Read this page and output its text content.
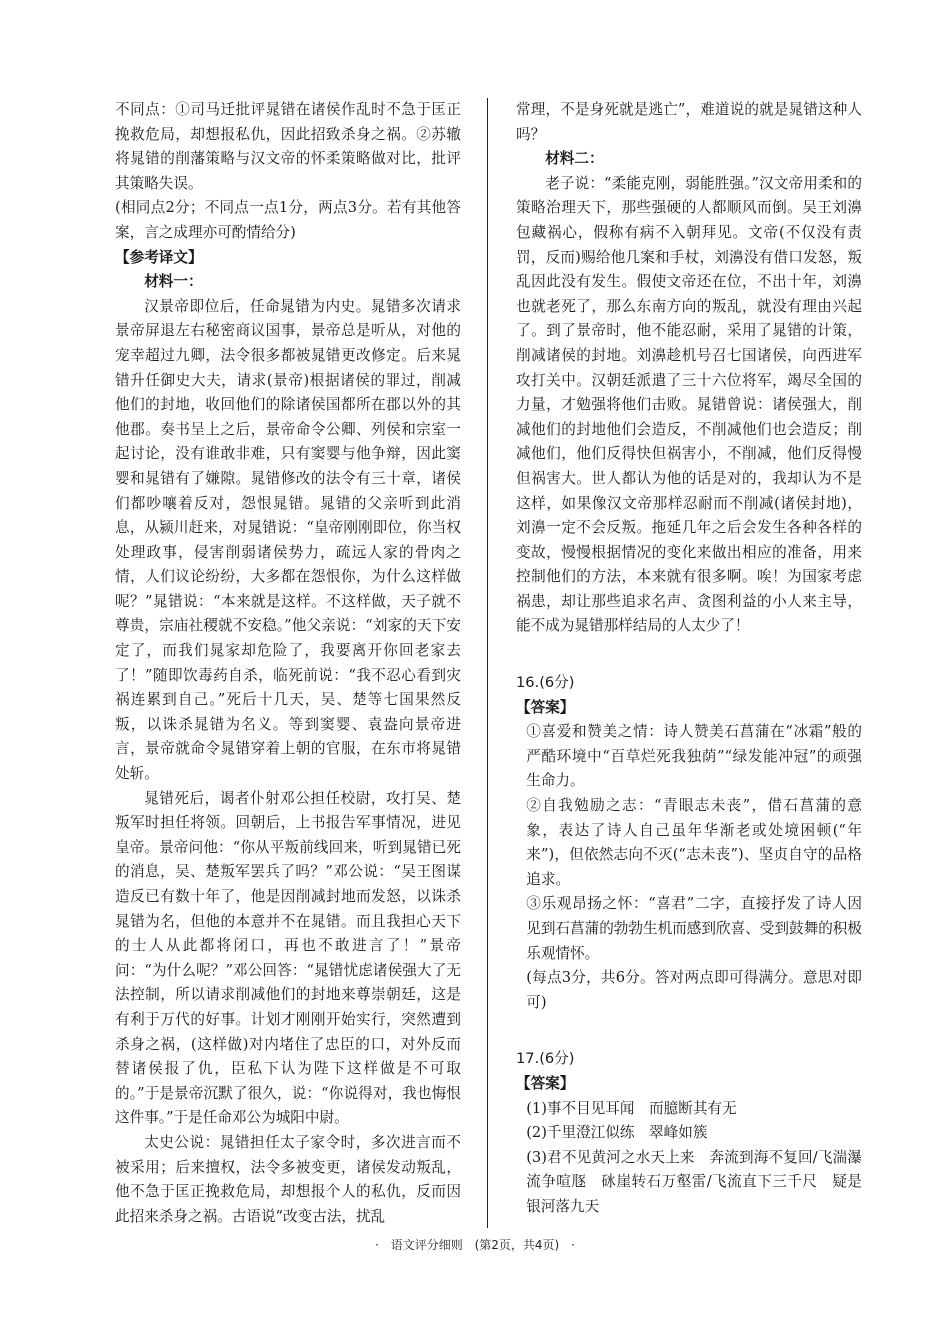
不同点：①司马迁批评晁错在诸侯作乱时不急于匡正挽救危局，却想报私仇，因此招致杀身之祸。②苏辙将晁错的削藩策略与汉文帝的怀柔策略做对比，批评其策略失误。

(相同点2分；不同点一点1分，两点3分。若有其他答案，言之成理亦可酌情给分)

【参考译文】

材料一：

汉景帝即位后，任命晁错为内史。晁错多次请求景帝屏退左右秘密商议国事，景帝总是听从，对他的宠幸超过九卿，法令很多都被晁错更改修定。后来晁错升任御史大夫，请求(景帝)根据诸侯的罪过，削减他们的封地，收回他们的除诸侯国都所在郡以外的其他郡。奏书呈上之后，景帝命令公卿、列侯和宗室一起讨论，没有谁敢非难，只有窦婴与他争辩，因此窦婴和晁错有了嫌隙。晁错修改的法令有三十章，诸侯们都吵嚷着反对，怨恨晁错。晁错的父亲听到此消息，从颍川赶来，对晁错说：“皇帝刚刚即位，你当权处理政事，侵害削弱诸侯势力，疏远人家的骨肉之情，人们议论纷纷，大多都在怨恨你，为什么这样做呢？”晁错说：“本来就是这样。不这样做，天子就不尊贵，宗庙社稷就不安稳。”他父亲说：“刘家的天下安定了，而我们晁家却危险了，我要离开你回老家去了！”随即饮毒药自杀，临死前说：“我不忍心看到灾祸连累到自己。”死后十几天，吴、楚等七国果然反叛，以诛杀晁错为名义。等到窦婴、袁盎向景帝进言，景帝就命令晁错穿着上朝的官服，在东市将晁错处斩。

晁错死后，谒者仆射邓公担任校尉，攻打吴、楚叛军时担任将领。回朝后，上书报告军事情况，进见皇帝。景帝问他：“你从平叛前线回来，听到晁错已死的消息，吴、楚叛军罢兵了吗？”邓公说：“吴王图谋造反已有数十年了，他是因削减封地而发怒，以诛杀晁错为名，但他的本意并不在晁错。而且我担心天下的士人从此都将闭口，再也不敢进言了！”景帝问：“为什么呢？”邓公回答：“晁错忧虑诸侯强大了无法控制，所以请求削减他们的封地来尊崇朝廷，这是有利于万代的好事。计划才刚刚开始实行，突然遭到杀身之祸，(这样做)对内堵住了忠臣的口，对外反而替诸侯报了仇，臣私下认为陛下这样做是不可取的。”于是景帝沉默了很久，说：“你说得对，我也悔恨这件事。”于是任命邓公为城阳中尉。

太史公说：晁错担任太子家令时，多次进言而不被采用；后来擅权，法令多被变更，诸侯发动叛乱，他不急于匡正挽救危局，却想报个人的私仇，反而因此招来杀身之祸。古语说“改变古法，扰乱

常理，不是身死就是逃亡”，难道说的就是晁错这种人吗？

材料二：

老子说：“柔能克刚，弱能胜强。”汉文帝用柔和的策略治理天下，那些强硬的人都顺风而倒。吴王刘濞包藏祸心，假称有病不入朝拜见。文帝(不仅没有责罚，反而)赐给他几案和手杖，刘濞没有借口发怒，叛乱因此没有发生。假使文帝还在位，不出十年，刘濞也就老死了，那么东南方向的叛乱，就没有理由兴起了。到了景帝时，他不能忍耐，采用了晁错的计策，削减诸侯的封地。刘濞趁机号召七国诸侯，向西进军攻打关中。汉朝廷派遣了三十六位将军，竭尽全国的力量，才勉强将他们击败。晁错曾说：诸侯强大，削减他们的封地他们会造反，不削减他们也会造反；削减他们，他们反得快但祸害小，不削减，他们反得慢但祸害大。世人都认为他的话是对的，我却认为不是这样，如果像汉文帝那样忍耐而不削减(诸侯封地)，刘濞一定不会反叛。拖延几年之后会发生各种各样的变故，慢慢根据情况的变化来做出相应的准备，用来控制他们的方法，本来就有很多啊。唉！为国家考虑祸患，却让那些追求名声、贪图利益的小人来主导，能不成为晁错那样结局的人太少了！

16.(6分)

【答案】

①喜爱和赞美之情：诗人赞美石菖蒲在“冰霜”般的严酷环境中“百草烂死我独荫”“绿发能冲冠”的顽强生命力。

②自我勉励之志：“青眼志未丧”，借石菖蒲的意象，表达了诗人自己虽年华渐老或处境困顿(“年来”)，但依然志向不灭(“志未丧”)、坚贞自守的品格追求。

③乐观昂扬之怀：“喜君”二字，直接抒发了诗人因见到石菖蒲的勃勃生机而感到欣喜、受到鼓舞的积极乐观情怀。

(每点3分，共6分。答对两点即可得满分。意思对即可)

17.(6分)

【答案】

(1)事不目见耳闻　而臆断其有无

(2)千里澄江似练　翠峰如簇

(3)君不见黄河之水天上来　奔流到海不复回/飞湍瀑流争喧豗　砯崖转石万壑雷/飞流直下三千尺　疑是银河落九天

· 语文评分细则 (第2页，共4页) ·
